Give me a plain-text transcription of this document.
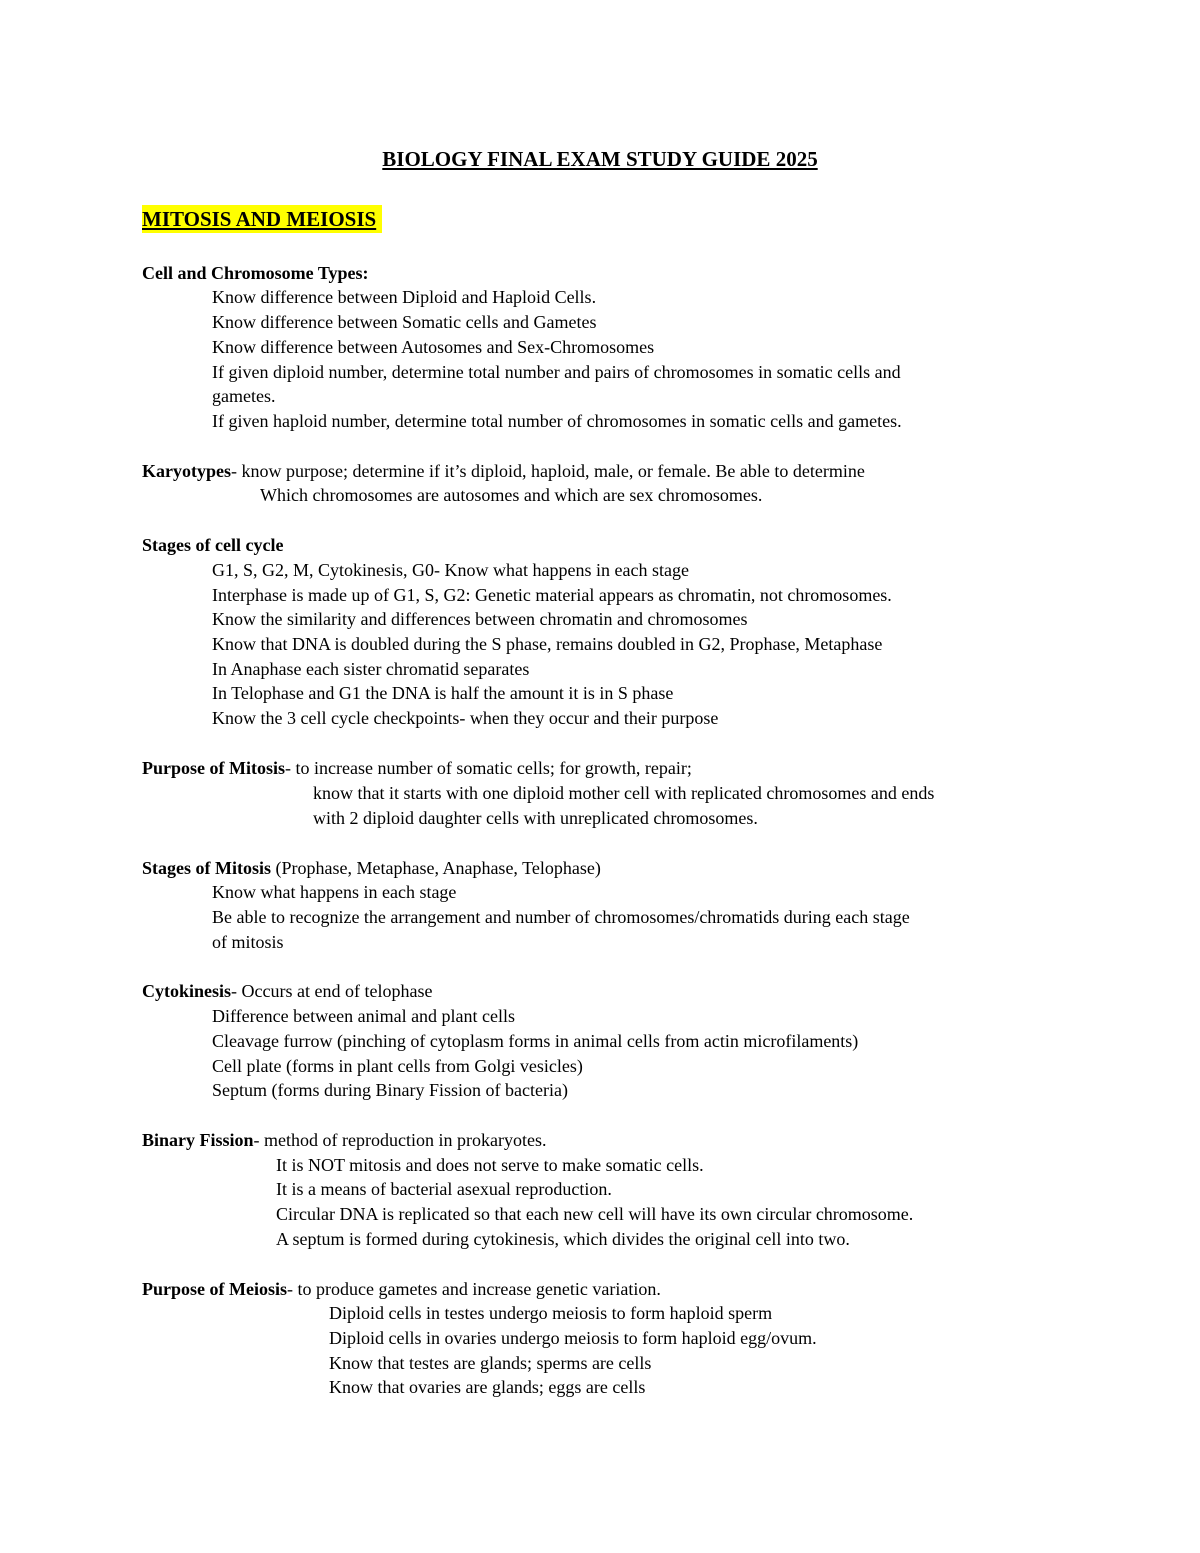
BIOLOGY FINAL EXAM STUDY GUIDE 2025
MITOSIS AND MEIOSIS
Cell and Chromosome Types:
Know difference between Diploid and Haploid Cells.
Know difference between Somatic cells and Gametes
Know difference between Autosomes and Sex-Chromosomes
If given diploid number, determine total number and pairs of chromosomes in somatic cells and
gametes.
If given haploid number, determine total number of chromosomes in somatic cells and gametes.
Karyotypes- know purpose; determine if it’s diploid, haploid, male, or female. Be able to determine
Which chromosomes are autosomes and which are sex chromosomes.
Stages of cell cycle
G1, S, G2, M, Cytokinesis, G0- Know what happens in each stage
Interphase is made up of G1, S, G2: Genetic material appears as chromatin, not chromosomes.
Know the similarity and differences between chromatin and chromosomes
Know that DNA is doubled during the S phase, remains doubled in G2, Prophase, Metaphase
In Anaphase each sister chromatid separates
In Telophase and G1 the DNA is half the amount it is in S phase
Know the 3 cell cycle checkpoints- when they occur and their purpose
Purpose of Mitosis- to increase number of somatic cells; for growth, repair;
know that it starts with one diploid mother cell with replicated chromosomes and ends
with 2 diploid daughter cells with unreplicated chromosomes.
Stages of Mitosis (Prophase, Metaphase, Anaphase, Telophase)
Know what happens in each stage
Be able to recognize the arrangement and number of chromosomes/chromatids during each stage
of mitosis
Cytokinesis- Occurs at end of telophase
Difference between animal and plant cells
Cleavage furrow (pinching of cytoplasm forms in animal cells from actin microfilaments)
Cell plate (forms in plant cells from Golgi vesicles)
Septum (forms during Binary Fission of bacteria)
Binary Fission- method of reproduction in prokaryotes.
It is NOT mitosis and does not serve to make somatic cells.
It is a means of bacterial asexual reproduction.
Circular DNA is replicated so that each new cell will have its own circular chromosome.
A septum is formed during cytokinesis, which divides the original cell into two.
Purpose of Meiosis- to produce gametes and increase genetic variation.
Diploid cells in testes undergo meiosis to form haploid sperm
Diploid cells in ovaries undergo meiosis to form haploid egg/ovum.
Know that testes are glands; sperms are cells
Know that ovaries are glands; eggs are cells
